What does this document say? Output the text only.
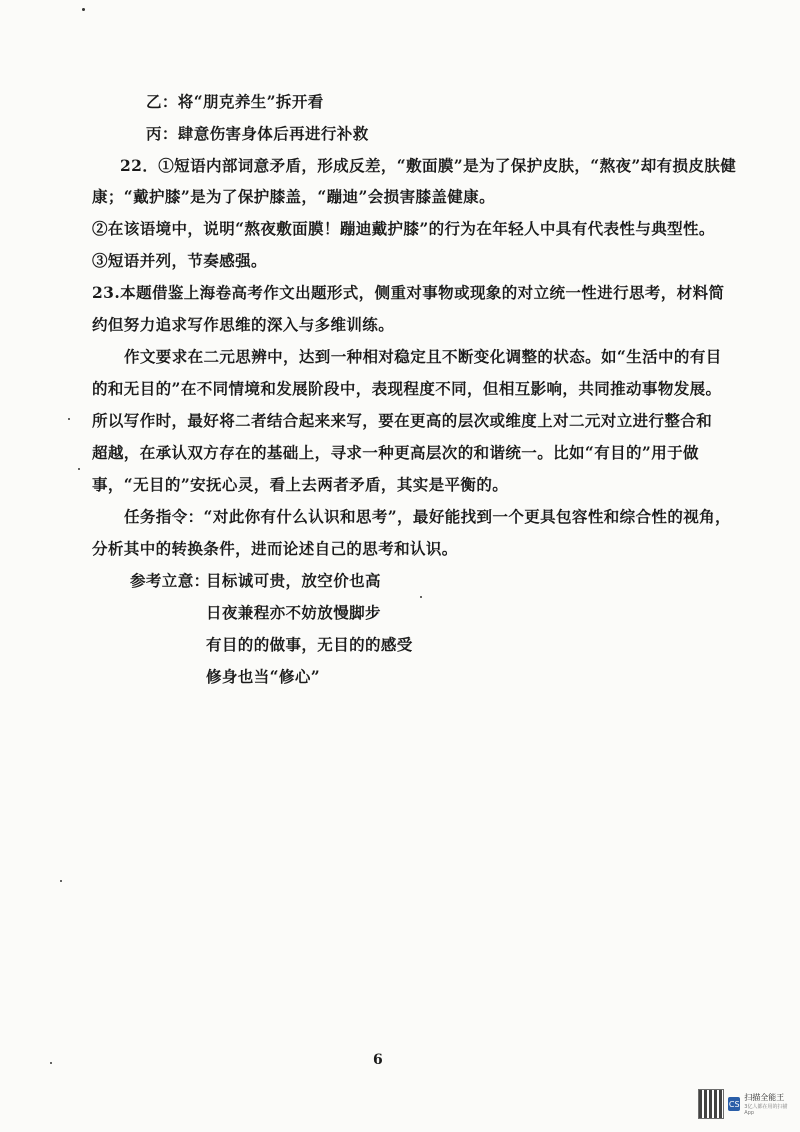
乙：将“朋克养生”拆开看
丙：肆意伤害身体后再进行补救
22．①短语内部词意矛盾，形成反差，“敷面膜”是为了保护皮肤，“熬夜”却有损皮肤健
康；“戴护膝”是为了保护膝盖，“蹦迪”会损害膝盖健康。
②在该语境中，说明“熬夜敷面膜！蹦迪戴护膝”的行为在年轻人中具有代表性与典型性。
③短语并列，节奏感强。
23.本题借鉴上海卷高考作文出题形式，侧重对事物或现象的对立统一性进行思考，材料简
约但努力追求写作思维的深入与多维训练。
作文要求在二元思辨中，达到一种相对稳定且不断变化调整的状态。如“生活中的有目
的和无目的”在不同情境和发展阶段中，表现程度不同，但相互影响，共同推动事物发展。
所以写作时，最好将二者结合起来来写，要在更高的层次或维度上对二元对立进行整合和
超越，在承认双方存在的基础上，寻求一种更高层次的和谐统一。比如“有目的”用于做
事，“无目的”安抚心灵，看上去两者矛盾，其实是平衡的。
任务指令：“对此你有什么认识和思考”，最好能找到一个更具包容性和综合性的视角，
分析其中的转换条件，进而论述自己的思考和认识。
参考立意：
目标诚可贵，放空价也高
日夜兼程亦不妨放慢脚步
有目的的做事，无目的的感受
修身也当“修心”
6
CS
扫描全能王
3亿人都在用的扫描App
